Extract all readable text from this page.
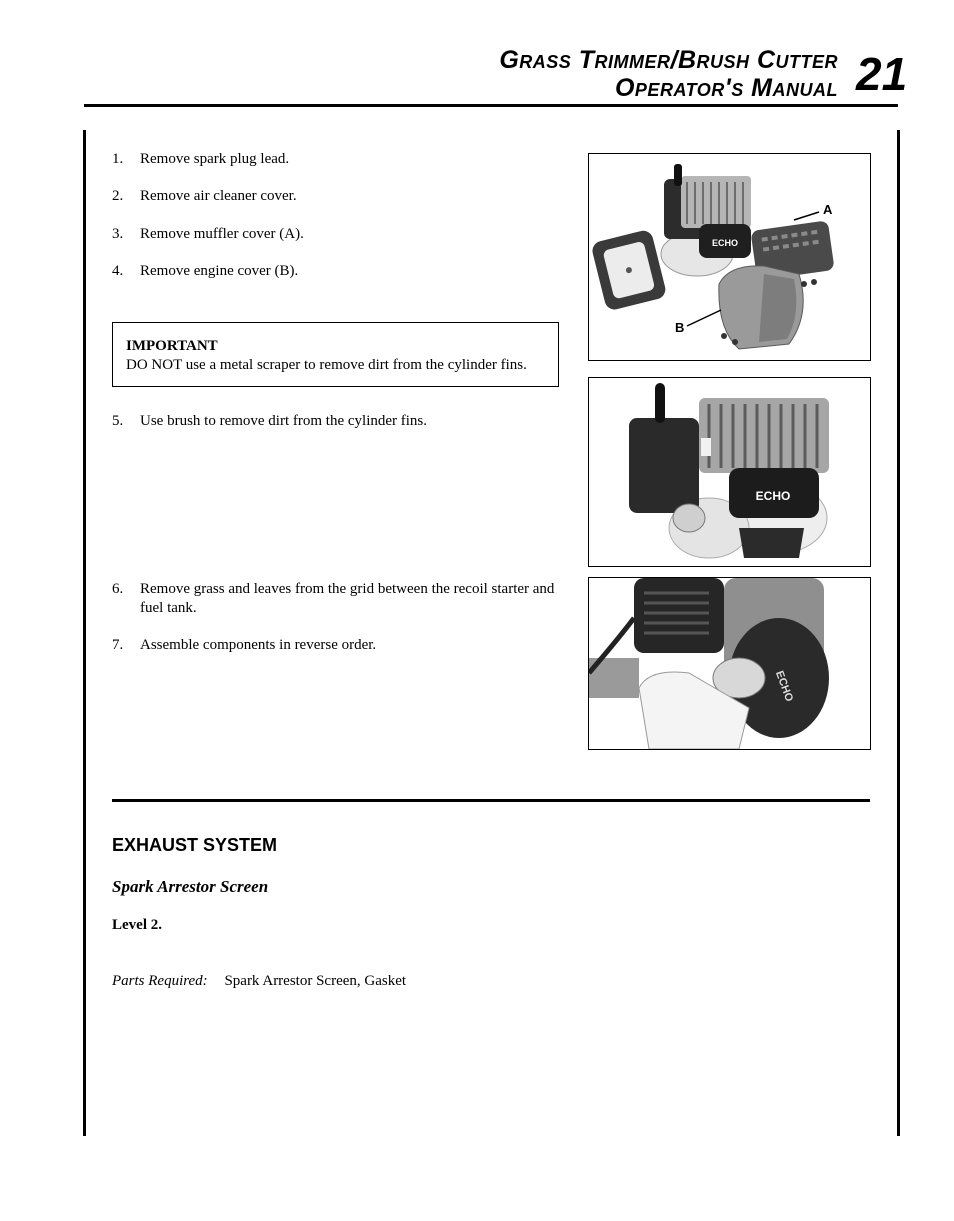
Grass Trimmer/Brush Cutter
Operator's Manual 21
1.	Remove spark plug lead.
2.	Remove air cleaner cover.
3.	Remove muffler cover (A).
4.	Remove engine cover (B).
IMPORTANT
DO NOT use a metal scraper to remove dirt from the cylinder fins.
5.	Use brush to remove dirt from the cylinder fins.
6.	Remove grass and leaves from the grid between the recoil starter and fuel tank.
7.	Assemble components in reverse order.
ECHO
A
B
ECHO
ECHO
EXHAUST SYSTEM
Spark Arrestor Screen
Level 2.
Parts Required: Spark Arrestor Screen, Gasket
